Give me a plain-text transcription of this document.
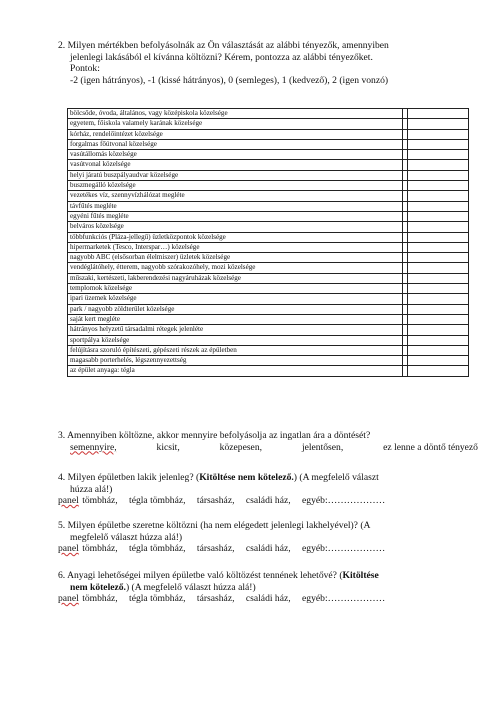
2. Milyen mértékben befolyásolnák az Ön választását az alábbi tényezők, amennyiben
jelenlegi lakásából el kívánna költözni? Kérem, pontozza az alábbi tényezőket.
Pontok:
-2 (igen hátrányos), -1 (kissé hátrányos), 0 (semleges), 1 (kedvező), 2 (igen vonzó)
bölcsőde, óvoda, általános, vagy középiskola közelsége		
egyetem, főiskola valamely karának közelsége		
kórház, rendelőintézet közelsége		
forgalmas főútvonal közelsége		
vasútállomás közelsége		
vasútvonal közelsége		
helyi járatú buszpályaudvar közelsége		
buszmegálló közelsége		
vezetékes víz, szennyvízhálózat megléte		
távfűtés megléte		
egyéni fűtés megléte		
belváros közelsége		
többfunkciós (Pláza-jellegű) üzletközpontok közelsége		
hipermarketek (Tesco, Interspar…) közelsége		
nagyobb ABC (elsősorban élelmiszer) üzletek közelsége		
vendéglátóhely, étterem, nagyobb szórakozóhely, mozi közelsége		
műszaki, kertészeti, lakberendezési nagyáruházak közelsége		
templomok közelsége		
ipari üzemek közelsége		
park / nagyobb zöldterület közelsége		
saját kert megléte		
hátrányos helyzetű társadalmi rétegek jelenléte		
sportpálya közelsége		
felújításra szoruló építészeti, gépészeti részek az épületben		
magasabb porterhelés, légszennyezettség		
az épület anyaga: tégla		
3. Amennyiben költözne, akkor mennyire befolyásolja az ingatlan ára a döntését?
semennyire,	kicsit,	közepesen,	jelentősen,	ez lenne a döntő tényező
4. Milyen épületben lakik jelenleg? (Kitöltése nem kötelező.) (A megfelelő választ
húzza alá!)
panel tömbház, tégla tömbház, társasház, családi ház, egyéb:………………
5. Milyen épületbe szeretne költözni (ha nem elégedett jelenlegi lakhelyével)? (A
megfelelő választ húzza alá!)
panel tömbház, tégla tömbház, társasház, családi ház, egyéb:………………
6. Anyagi lehetőségei milyen épületbe való költözést tennének lehetővé? (Kitöltése
nem kötelező.) (A megfelelő választ húzza alá!)
panel tömbház, tégla tömbház, társasház, családi ház, egyéb:………………
